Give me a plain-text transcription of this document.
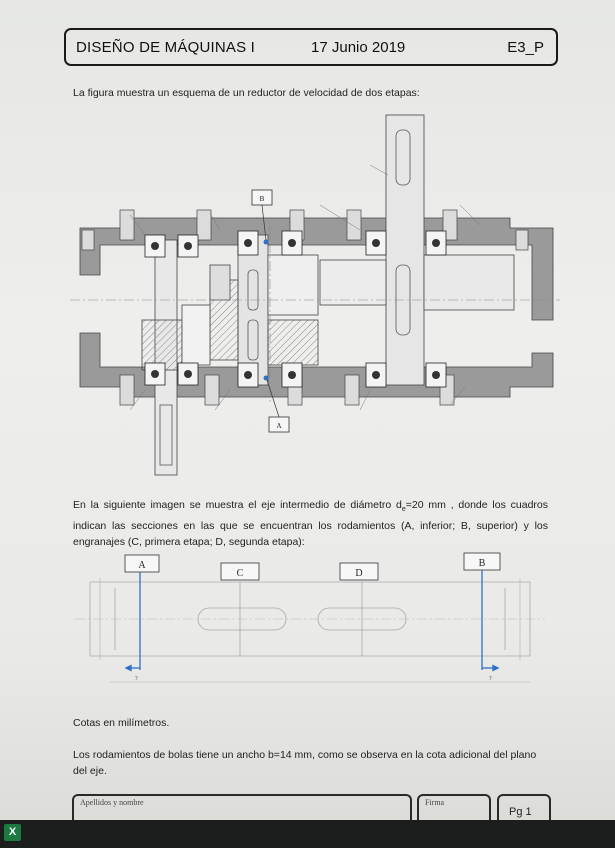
DISEÑO DE MÁQUINAS I	17 Junio 2019	E3_P
La figura muestra un esquema de un reductor de velocidad de dos etapas:
B
A
En la siguiente imagen se muestra el eje intermedio de diámetro $d_e=20$ mm , donde los cuadros indican las secciones en las que se encuentran los rodamientos (A, inferior; B, superior) y los engranajes (C, primera etapa; D, segunda etapa):
A
C	D
B
?	?
Cotas en milímetros.
Los rodamientos de bolas tiene un ancho b=14 mm, como se observa en la cota adicional del plano del eje.
Apellidos y nombre	Firma
Pg 1
X
